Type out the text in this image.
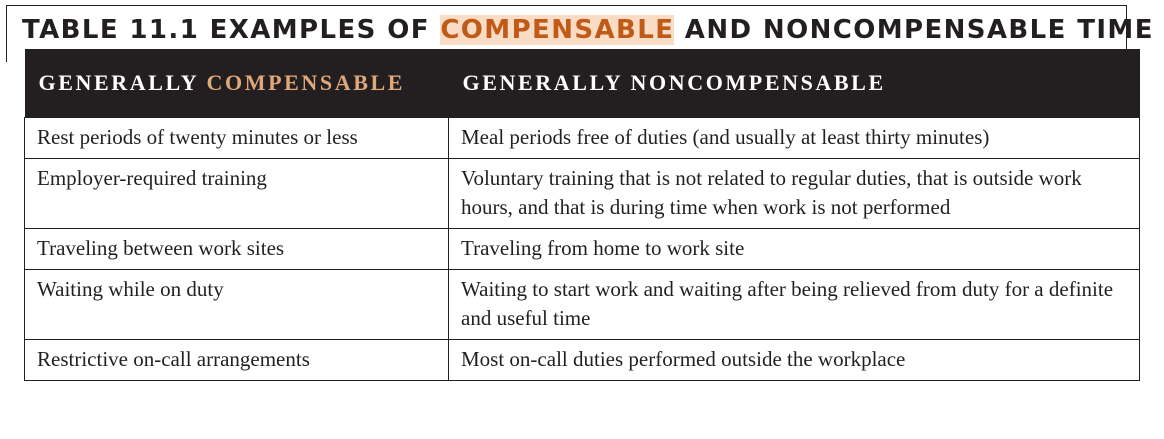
TABLE 11.1 EXAMPLES OF COMPENSABLE AND NONCOMPENSABLE TIME
GENERALLY COMPENSABLE	GENERALLY NONCOMPENSABLE
Rest periods of twenty minutes or less	Meal periods free of duties (and usually at least thirty minutes)
Employer-required training	Voluntary training that is not related to regular duties, that is outside work hours, and that is during time when work is not performed
Traveling between work sites	Traveling from home to work site
Waiting while on duty	Waiting to start work and waiting after being relieved from duty for a definite and useful time
Restrictive on-call arrangements	Most on-call duties performed outside the workplace
